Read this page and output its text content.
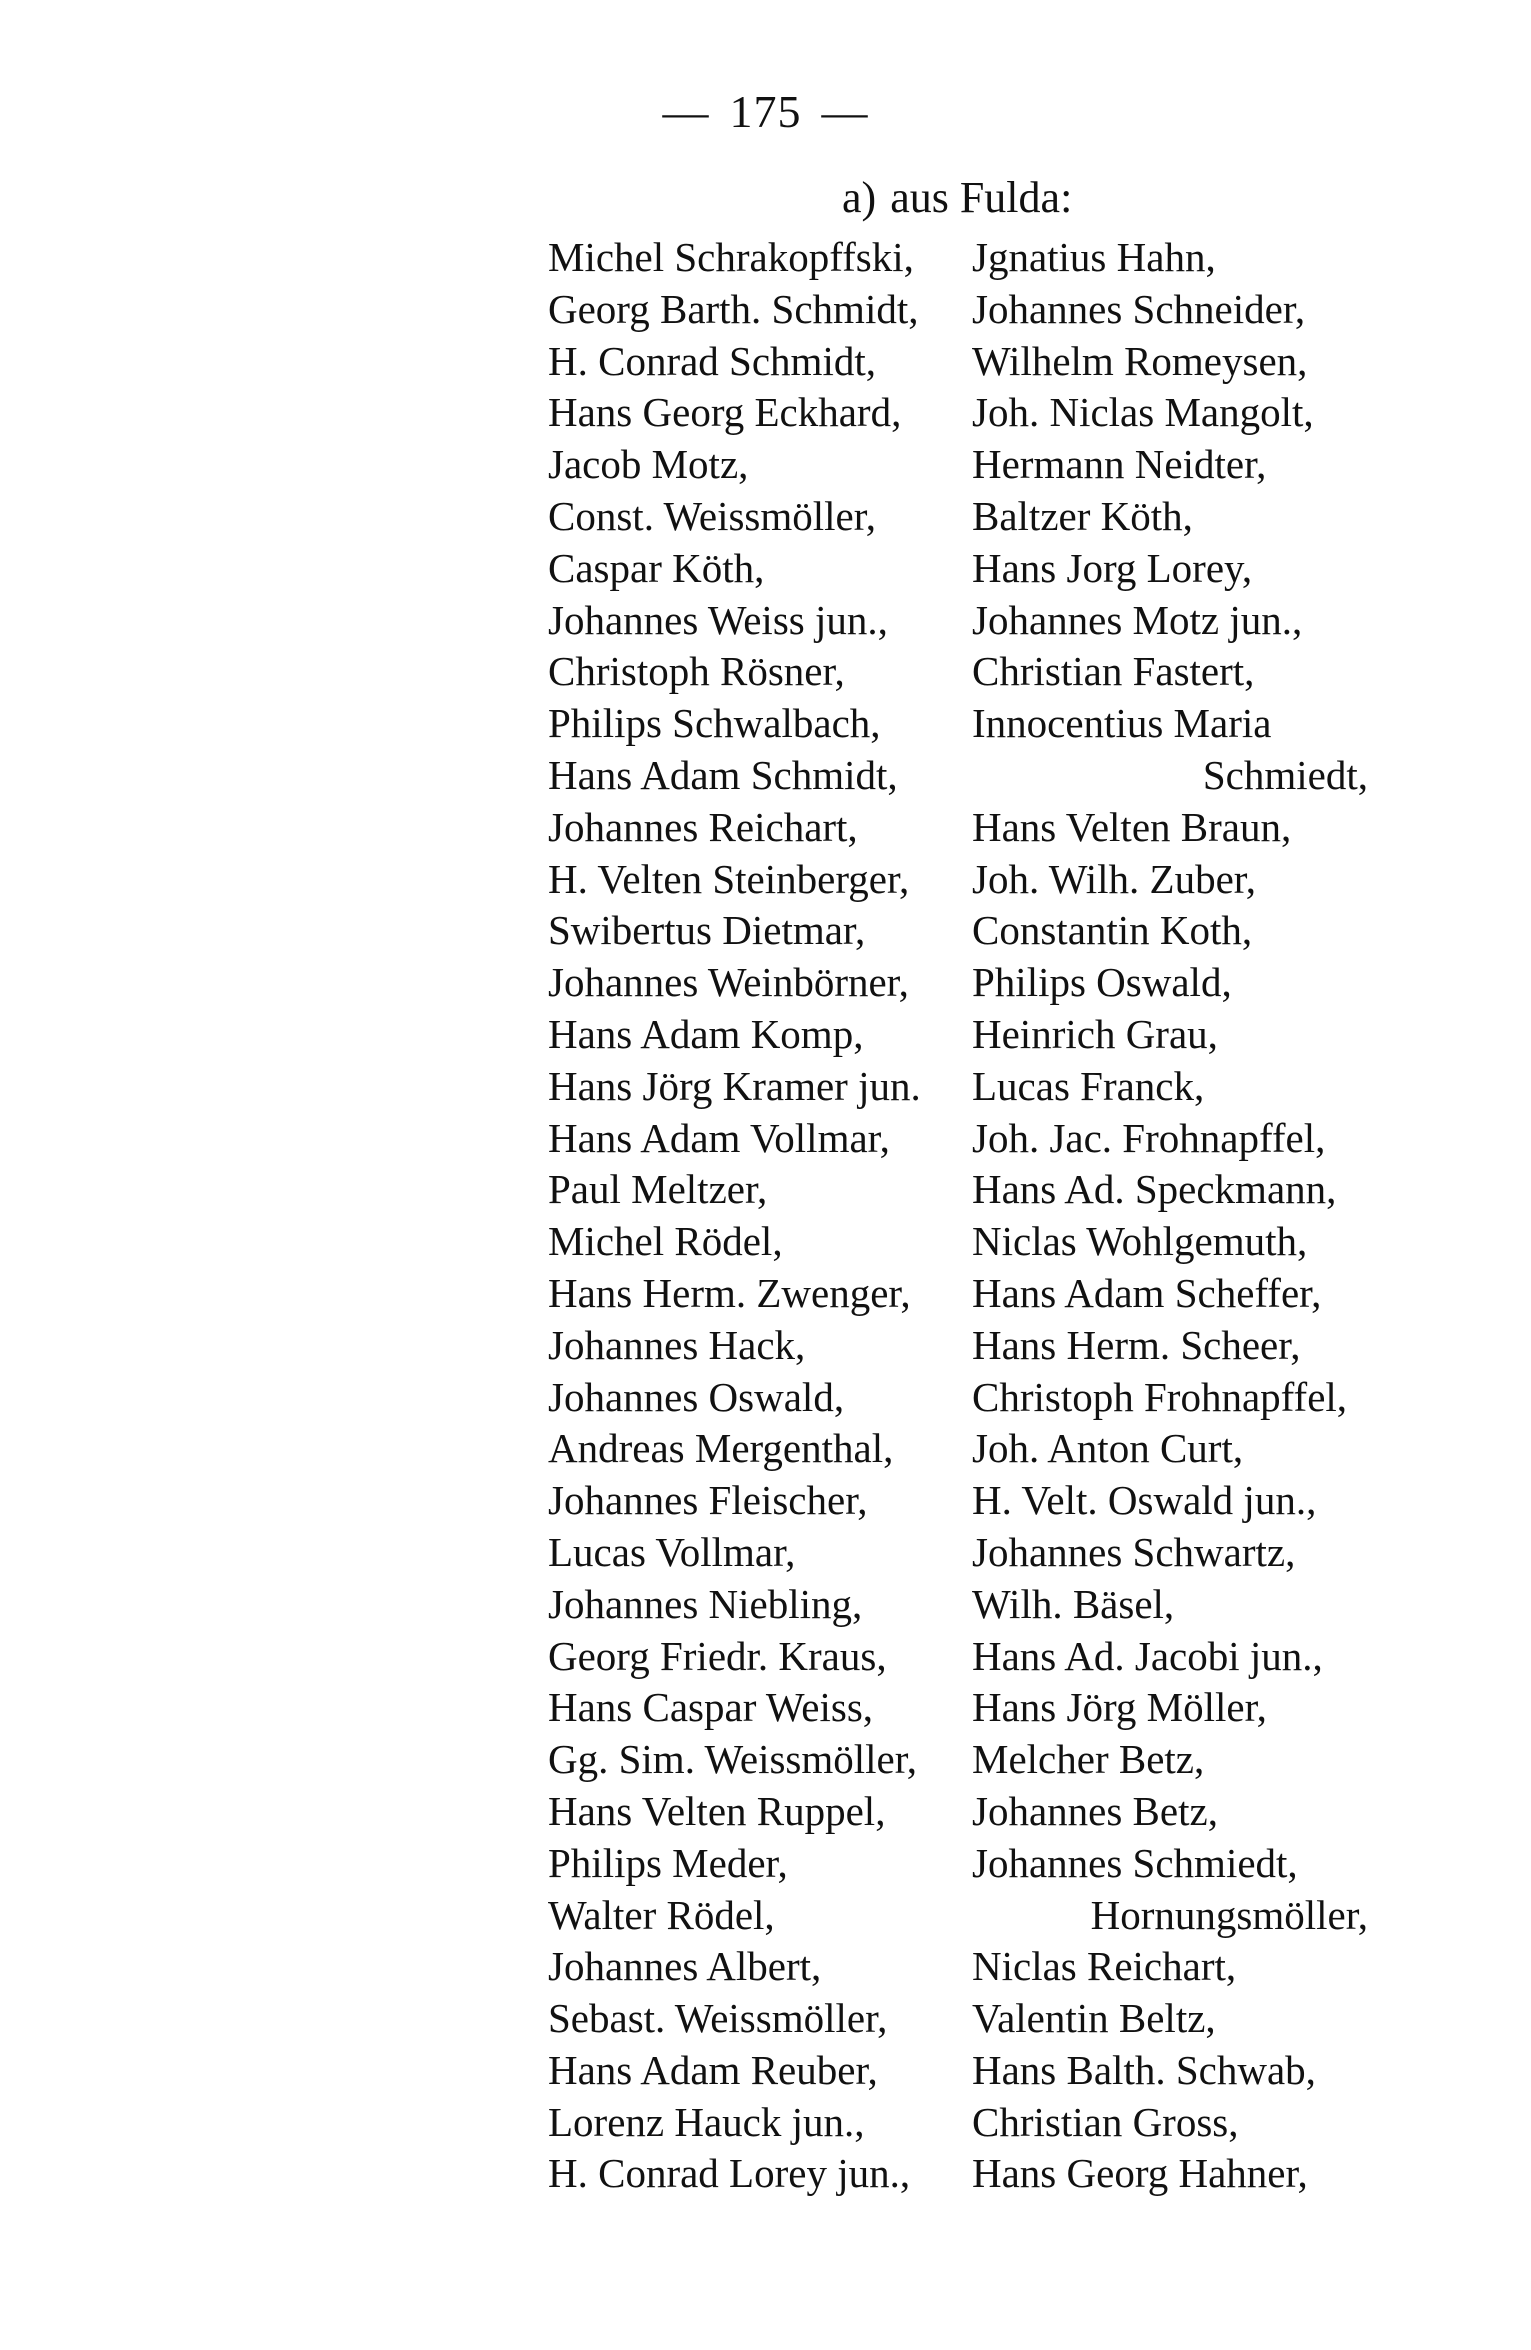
— 175 —
a) aus Fulda:
Michel Schrakopffski,
Georg Barth. Schmidt,
H. Conrad Schmidt,
Hans Georg Eckhard,
Jacob Motz,
Const. Weissmöller,
Caspar Köth,
Johannes Weiss jun.,
Christoph Rösner,
Philips Schwalbach,
Hans Adam Schmidt,
Johannes Reichart,
H. Velten Steinberger,
Swibertus Dietmar,
Johannes Weinbörner,
Hans Adam Komp,
Hans Jörg Kramer jun.
Hans Adam Vollmar,
Paul Meltzer,
Michel Rödel,
Hans Herm. Zwenger,
Johannes Hack,
Johannes Oswald,
Andreas Mergenthal,
Johannes Fleischer,
Lucas Vollmar,
Johannes Niebling,
Georg Friedr. Kraus,
Hans Caspar Weiss,
Gg. Sim. Weissmöller,
Hans Velten Ruppel,
Philips Meder,
Walter Rödel,
Johannes Albert,
Sebast. Weissmöller,
Hans Adam Reuber,
Lorenz Hauck jun.,
H. Conrad Lorey jun.,
Jgnatius Hahn,
Johannes Schneider,
Wilhelm Romeysen,
Joh. Niclas Mangolt,
Hermann Neidter,
Baltzer Köth,
Hans Jorg Lorey,
Johannes Motz jun.,
Christian Fastert,
Innocentius Maria
Schmiedt,
Hans Velten Braun,
Joh. Wilh. Zuber,
Constantin Koth,
Philips Oswald,
Heinrich Grau,
Lucas Franck,
Joh. Jac. Frohnapffel,
Hans Ad. Speckmann,
Niclas Wohlgemuth,
Hans Adam Scheffer,
Hans Herm. Scheer,
Christoph Frohnapffel,
Joh. Anton Curt,
H. Velt. Oswald jun.,
Johannes Schwartz,
Wilh. Bäsel,
Hans Ad. Jacobi jun.,
Hans Jörg Möller,
Melcher Betz,
Johannes Betz,
Johannes Schmiedt,
Hornungsmöller,
Niclas Reichart,
Valentin Beltz,
Hans Balth. Schwab,
Christian Gross,
Hans Georg Hahner,
